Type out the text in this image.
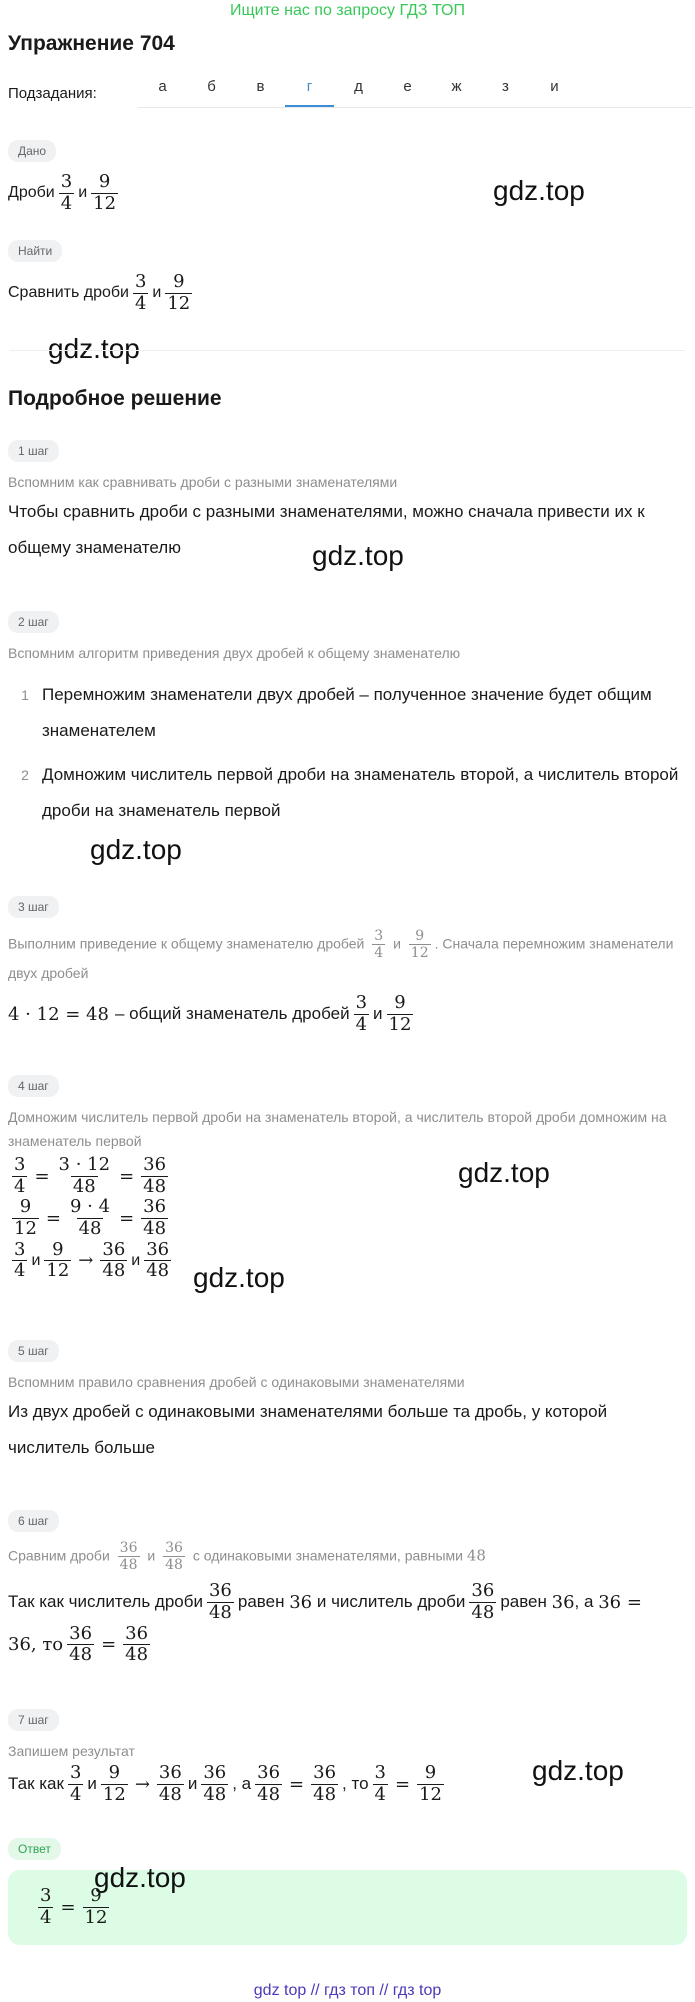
Ищите нас по запросу ГДЗ ТОП
Упражнение 704
Подзадания:	а	б	в	г	д	е	ж	з	и
Дано
Дроби $\frac{3}{4}$ и $\frac{9}{12}$	gdz.top
Найти
Сравнить дроби $\frac{3}{4}$ и $\frac{9}{12}$
gdz.top
Подробное решение
1 шаг
Вспомним как сравнивать дроби с разными знаменателями
Чтобы сравнить дроби с разными знаменателями, можно сначала привести их к общему знаменателю	gdz.top
2 шаг
Вспомним алгоритм приведения двух дробей к общему знаменателю
1 Перемножим знаменатели двух дробей – полученное значение будет общим знаменателем
2 Домножим числитель первой дроби на знаменатель второй, а числитель второй дроби на знаменатель первой
gdz.top
3 шаг
Выполним приведение к общему знаменателю дробей $\frac{3}{4}$ и $\frac{9}{12}$ . Сначала перемножим знаменатели двух дробей
4 · 12 = 48 – общий знаменатель дробей $\frac{3}{4}$ и $\frac{9}{12}$
4 шаг
Домножим числитель первой дроби на знаменатель второй, а числитель второй дроби домножим на знаменатель первой
$\frac{3}{4} = \frac{3 \cdot 12}{48} = \frac{36}{48}$
$\frac{9}{12} = \frac{9 \cdot 4}{48} = \frac{36}{48}$
$\frac{3}{4}$ и $\frac{9}{12} \to \frac{36}{48}$ и $\frac{36}{48}$
gdz.top
gdz.top
5 шаг
Вспомним правило сравнения дробей с одинаковыми знаменателями
Из двух дробей с одинаковыми знаменателями больше та дробь, у которой числитель больше
6 шаг
Сравним дроби $\frac{36}{48}$ и $\frac{36}{48}$ с одинаковыми знаменателями, равными 48
Так как числитель дроби $\frac{36}{48}$ равен
36
и числитель дроби $\frac{36}{48}$ равен
36 , а
36 =
36, то $\frac{36}{48} = \frac{36}{48}$
7 шаг
Запишем результат
Так как $\frac{3}{4}$ и $\frac{9}{12} \to \frac{36}{48}$ и $\frac{36}{48}$ , а $\frac{36}{48} = \frac{36}{48}$ , то $\frac{3}{4} = \frac{9}{12}$	gdz.top
Ответ
$\frac{3}{4} = \frac{9}{12}$
gdz.top
gdz top // гдз топ // гдз top
